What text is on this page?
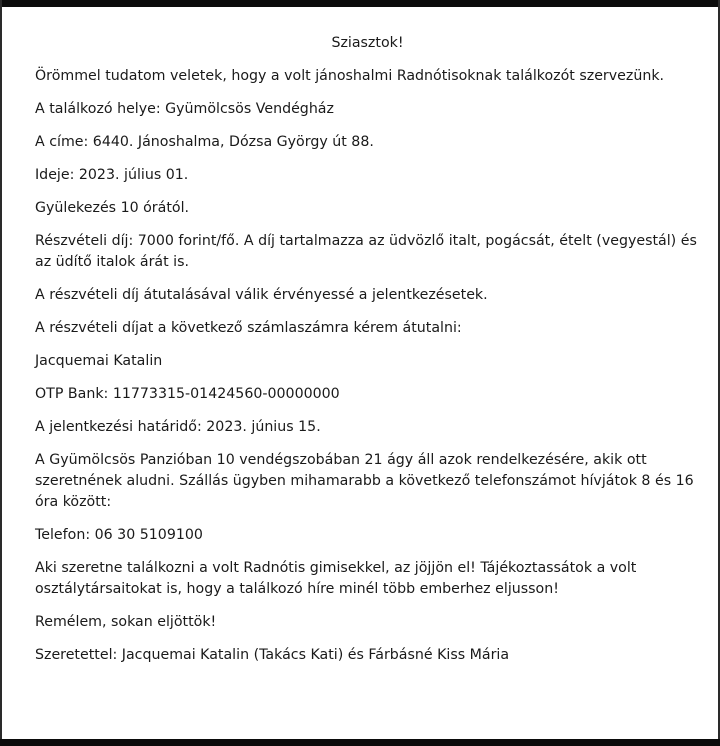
Sziasztok!

Örömmel tudatom veletek, hogy a volt jánoshalmi Radnótisoknak találkozót szervezünk.

A találkozó helye: Gyümölcsös Vendégház

A címe: 6440. Jánoshalma, Dózsa György út 88.

Ideje: 2023. július 01.

Gyülekezés 10 órától.

Részvételi díj: 7000 forint/fő. A díj tartalmazza az üdvözlő italt, pogácsát, ételt (vegyestál) és

az üdítő italok árát is.

A részvételi díj átutalásával válik érvényessé a jelentkezésetek.

A részvételi díjat a következő számlaszámra kérem átutalni:

Jacquemai Katalin

OTP Bank: 11773315-01424560-00000000

A jelentkezési határidő: 2023. június 15.

A Gyümölcsös Panzióban 10 vendégszobában 21 ágy áll azok rendelkezésére, akik ott

szeretnének aludni. Szállás ügyben mihamarabb a következő telefonszámot hívjátok 8 és 16

óra között:

Telefon: 06 30 5109100

Aki szeretne találkozni a volt Radnótis gimisekkel, az jöjjön el! Tájékoztassátok a volt

osztálytársaitokat is, hogy a találkozó híre minél több emberhez eljusson!

Remélem, sokan eljöttök!

Szeretettel: Jacquemai Katalin (Takács Kati) és Fárbásné Kiss Mária
